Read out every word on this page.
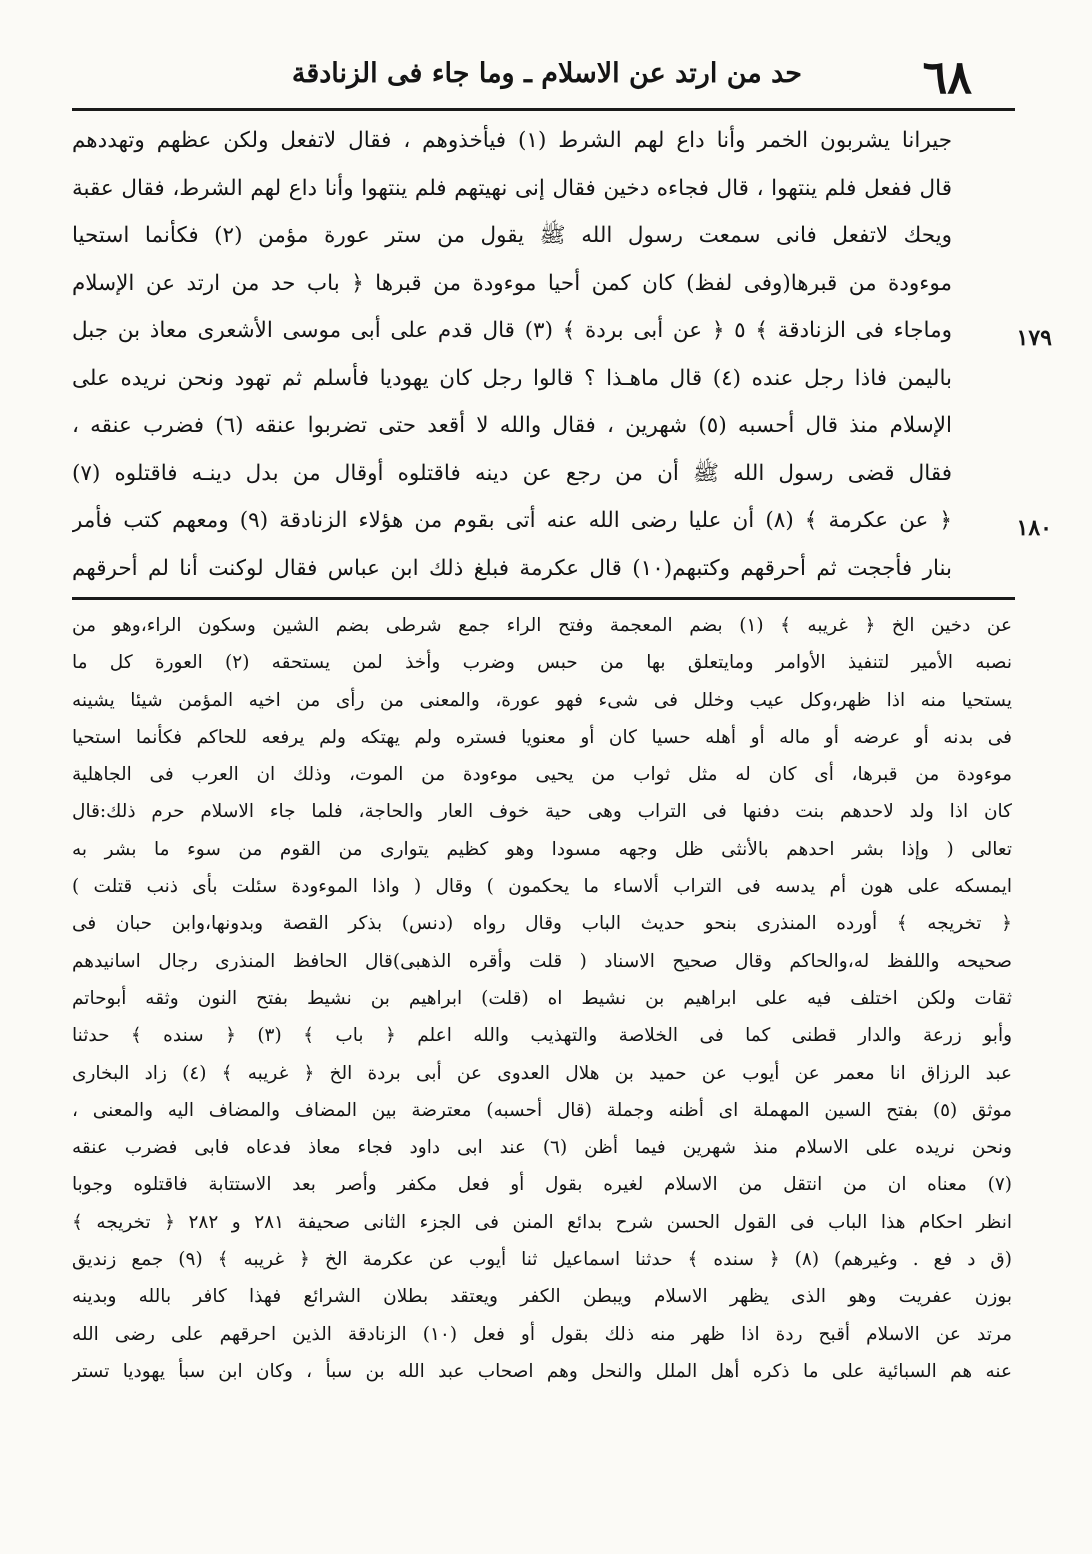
٦٨
حد من ارتد عن الاسلام ـ وما جاء فى الزنادقة
١٧٩
١٨٠
جيرانا يشربون الخمر وأنا داع لهم الشرط (١) فيأخذوهم ، فقال لاتفعل ولكن عظهم وتهددهم
قال ففعل فلم ينتهوا ، قال فجاءه دخين فقال إنى نهيتهم فلم ينتهوا وأنا داع لهم الشرط، فقال عقبة
ويحك لاتفعل فانى سمعت رسول الله ﷺ يقول من ستر عورة مؤمن (٢) فكأنما استحيا
موءودة من قبرها(وفى لفظ) كان كمن أحيا موءودة من قبرها ﴿ باب حد من ارتد عن الإسلام
وماجاء فى الزنادقة ﴾ ٥ ﴿ عن أبى بردة ﴾ (٣) قال قدم على أبى موسى الأشعرى معاذ بن جبل
باليمن فاذا رجل عنده (٤) قال ماهـذا ؟ قالوا رجل كان يهوديا فأسلم ثم تهود ونحن نريده على
الإسلام منذ قال أحسبه (٥) شهرين ، فقال والله لا أقعد حتى تضربوا عنقه (٦) فضرب عنقه ،
فقال قضى رسول الله ﷺ أن من رجع عن دينه فاقتلوه أوقال من بدل دينـه فاقتلوه (٧)
﴿ عن عكرمة ﴾ (٨) أن عليا رضى الله عنه أتى بقوم من هؤلاء الزنادقة (٩) ومعهم كتب فأمر
بنار فأججت ثم أحرقهم وكتبهم(١٠) قال عكرمة فبلغ ذلك ابن عباس فقال لوكنت أنا لم أحرقهم
عن دخين الخ ﴿ غريبه ﴾ (١) بضم المعجمة وفتح الراء جمع شرطى بضم الشين وسكون الراء،وهو من
نصبه الأمير لتنفيذ الأوامر ومايتعلق بها من حبس وضرب وأخذ لمن يستحقه (٢) العورة كل ما
يستحيا منه اذا ظهر،وكل عيب وخلل فى شىء فهو عورة، والمعنى من رأى من اخيه المؤمن شيئا يشينه
فى بدنه أو عرضه أو ماله أو أهله حسيا كان أو معنويا فستره ولم يهتكه ولم يرفعه للحاكم فكأنما استحيا
موءودة من قبرها، أى كان له مثل ثواب من يحيى موءودة من الموت، وذلك ان العرب فى الجاهلية
كان اذا ولد لاحدهم بنت دفنها فى التراب وهى حية خوف العار والحاجة، فلما جاء الاسلام حرم ذلك:قال
تعالى ( وإذا بشر احدهم بالأنثى ظل وجهه مسودا وهو كظيم يتوارى من القوم من سوء ما بشر به
ايمسكه على هون أم يدسه فى التراب ألاساء ما يحكمون ) وقال ( واذا الموءودة سئلت بأى ذنب قتلت )
﴿ تخريجه ﴾ أورده المنذرى بنحو حديث الباب وقال رواه (دنس) بذكر القصة وبدونها،وابن حبان فى
صحيحه واللفظ له،والحاكم وقال صحيح الاسناد ( قلت وأقره الذهبى)قال الحافظ المنذرى رجال اسانيدهم
ثقات ولكن اختلف فيه على ابراهيم بن نشيط اه (قلت) ابراهيم بن نشيط بفتح النون وثقه أبوحاتم
وأبو زرعة والدار قطنى كما فى الخلاصة والتهذيب والله اعلم ﴿ باب ﴾ (٣) ﴿ سنده ﴾ حدثنا
عبد الرزاق انا معمر عن أيوب عن حميد بن هلال العدوى عن أبى بردة الخ ﴿ غريبه ﴾ (٤) زاد البخارى
موثق (٥) بفتح السين المهملة اى أظنه وجملة (قال أحسبه) معترضة بين المضاف والمضاف اليه والمعنى ،
ونحن نريده على الاسلام منذ شهرين فيما أظن (٦) عند ابى داود فجاء معاذ فدعاه فابى فضرب عنقه
(٧) معناه ان من انتقل من الاسلام لغيره بقول أو فعل مكفر وأصر بعد الاستتابة فاقتلوه وجوبا
انظر احكام هذا الباب فى القول الحسن شرح بدائع المنن فى الجزء الثانى صحيفة ٢٨١ و ٢٨٢ ﴿ تخريجه ﴾
(ق د فع . وغيرهم) (٨) ﴿ سنده ﴾ حدثنا اسماعيل ثنا أيوب عن عكرمة الخ ﴿ غريبه ﴾ (٩) جمع زنديق
بوزن عفريت وهو الذى يظهر الاسلام ويبطن الكفر ويعتقد بطلان الشرائع فهذا كافر بالله وبدينه
مرتد عن الاسلام أقبح ردة اذا ظهر منه ذلك بقول أو فعل (١٠) الزنادقة الذين احرقهم على رضى الله
عنه هم السبائية على ما ذكره أهل الملل والنحل وهم اصحاب عبد الله بن سبأ ، وكان ابن سبأ يهوديا تستر
